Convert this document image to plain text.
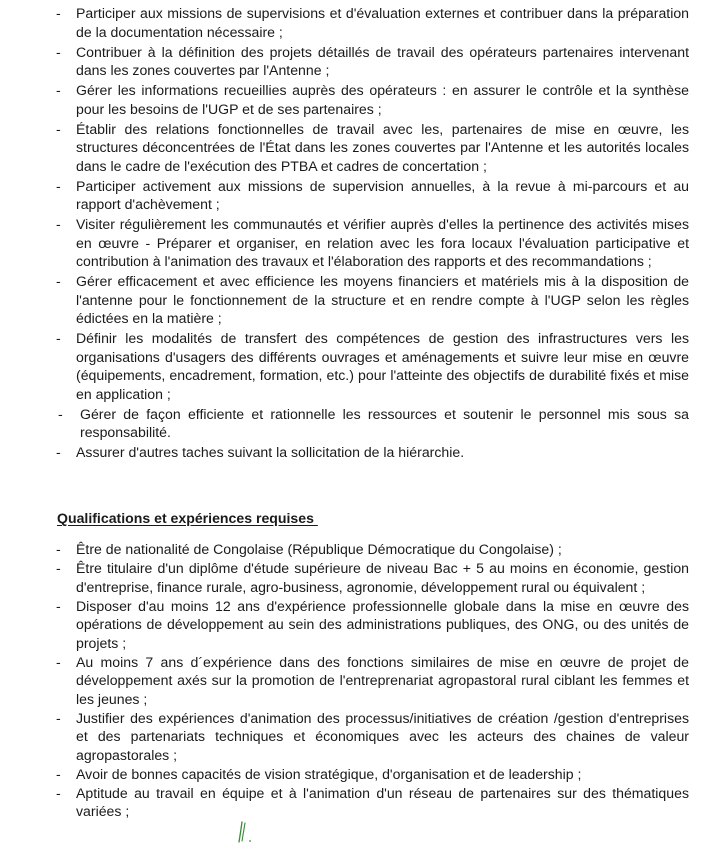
- Participer aux missions de supervisions et d'évaluation externes et contribuer dans la préparation de la documentation nécessaire ;
- Contribuer à la définition des projets détaillés de travail des opérateurs partenaires intervenant dans les zones couvertes par l'Antenne ;
- Gérer les informations recueillies auprès des opérateurs : en assurer le contrôle et la synthèse pour les besoins de l'UGP et de ses partenaires ;
- Établir des relations fonctionnelles de travail avec les, partenaires de mise en œuvre, les structures déconcentrées de l'État dans les zones couvertes par l'Antenne et les autorités locales dans le cadre de l'exécution des PTBA et cadres de concertation ;
- Participer activement aux missions de supervision annuelles, à la revue à mi-parcours et au rapport d'achèvement ;
- Visiter régulièrement les communautés et vérifier auprès d'elles la pertinence des activités mises en œuvre - Préparer et organiser, en relation avec les fora locaux l'évaluation participative et contribution à l'animation des travaux et l'élaboration des rapports et des recommandations ;
- Gérer efficacement et avec efficience les moyens financiers et matériels mis à la disposition de l'antenne pour le fonctionnement de la structure et en rendre compte à l'UGP selon les règles édictées en la matière ;
- Définir les modalités de transfert des compétences de gestion des infrastructures vers les organisations d'usagers des différents ouvrages et aménagements et suivre leur mise en œuvre (équipements, encadrement, formation, etc.) pour l'atteinte des objectifs de durabilité fixés et mise en application ;
- Gérer de façon efficiente et rationnelle les ressources et soutenir le personnel mis sous sa responsabilité.
- Assurer d'autres taches suivant la sollicitation de la hiérarchie.
Qualifications et expériences requises
- Être de nationalité de Congolaise (République Démocratique du Congolaise) ;
- Être titulaire d'un diplôme d'étude supérieure de niveau Bac + 5 au moins en économie, gestion d'entreprise, finance rurale, agro-business, agronomie, développement rural ou équivalent ;
- Disposer d'au moins 12 ans d'expérience professionnelle globale dans la mise en œuvre des opérations de développement au sein des administrations publiques, des ONG, ou des unités de projets ;
- Au moins 7 ans d´expérience dans des fonctions similaires de mise en œuvre de projet de développement axés sur la promotion de l'entreprenariat agropastoral rural ciblant les femmes et les jeunes ;
- Justifier des expériences d'animation des processus/initiatives de création /gestion d'entreprises et des partenariats techniques et économiques avec les acteurs des chaines de valeur agropastorales ;
- Avoir de bonnes capacités de vision stratégique, d'organisation et de leadership ;
- Aptitude au travail en équipe et à l'animation d'un réseau de partenaires sur des thématiques variées ;
